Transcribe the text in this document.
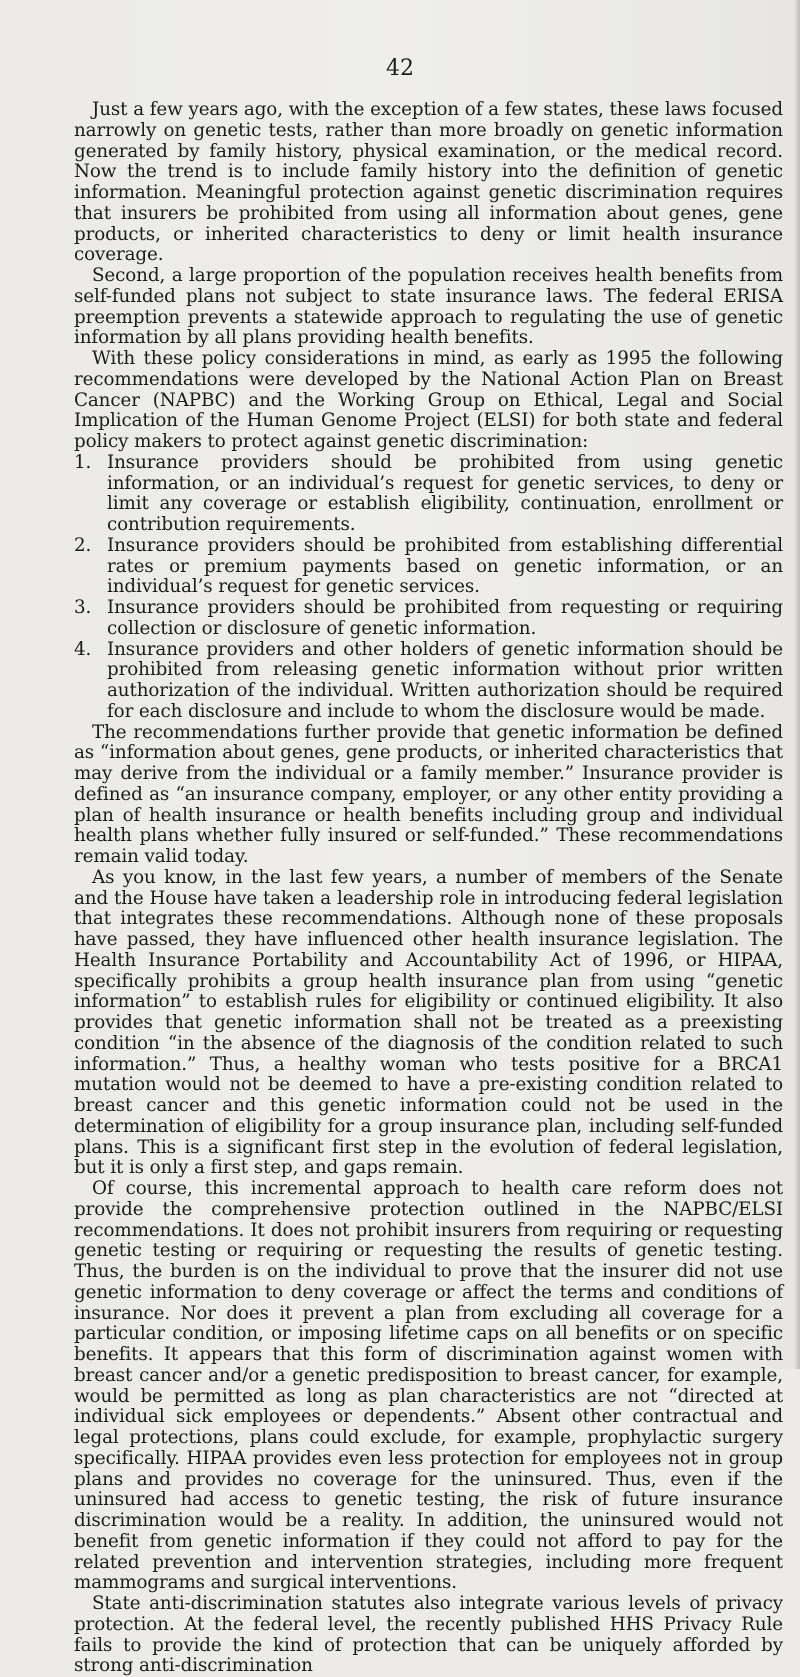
42

Just a few years ago, with the exception of a few states, these laws focused narrowly on genetic tests, rather than more broadly on genetic information generated by family history, physical examination, or the medical record. Now the trend is to include family history into the definition of genetic information. Meaningful protection against genetic discrimination requires that insurers be prohibited from using all information about genes, gene products, or inherited characteristics to deny or limit health insurance coverage.

Second, a large proportion of the population receives health benefits from self-funded plans not subject to state insurance laws. The federal ERISA preemption prevents a statewide approach to regulating the use of genetic information by all plans providing health benefits.

With these policy considerations in mind, as early as 1995 the following recommendations were developed by the National Action Plan on Breast Cancer (NAPBC) and the Working Group on Ethical, Legal and Social Implication of the Human Genome Project (ELSI) for both state and federal policy makers to protect against genetic discrimination:

1. Insurance providers should be prohibited from using genetic information, or an individual’s request for genetic services, to deny or limit any coverage or establish eligibility, continuation, enrollment or contribution requirements.
2. Insurance providers should be prohibited from establishing differential rates or premium payments based on genetic information, or an individual’s request for genetic services.
3. Insurance providers should be prohibited from requesting or requiring collection or disclosure of genetic information.
4. Insurance providers and other holders of genetic information should be prohibited from releasing genetic information without prior written authorization of the individual. Written authorization should be required for each disclosure and include to whom the disclosure would be made.

The recommendations further provide that genetic information be defined as “information about genes, gene products, or inherited characteristics that may derive from the individual or a family member.” Insurance provider is defined as “an insurance company, employer, or any other entity providing a plan of health insurance or health benefits including group and individual health plans whether fully insured or self-funded.” These recommendations remain valid today.

As you know, in the last few years, a number of members of the Senate and the House have taken a leadership role in introducing federal legislation that integrates these recommendations. Although none of these proposals have passed, they have influenced other health insurance legislation. The Health Insurance Portability and Accountability Act of 1996, or HIPAA, specifically prohibits a group health insurance plan from using “genetic information” to establish rules for eligibility or continued eligibility. It also provides that genetic information shall not be treated as a preexisting condition “in the absence of the diagnosis of the condition related to such information.” Thus, a healthy woman who tests positive for a BRCA1 mutation would not be deemed to have a pre-existing condition related to breast cancer and this genetic information could not be used in the determination of eligibility for a group insurance plan, including self-funded plans. This is a significant first step in the evolution of federal legislation, but it is only a first step, and gaps remain.

Of course, this incremental approach to health care reform does not provide the comprehensive protection outlined in the NAPBC/ELSI recommendations. It does not prohibit insurers from requiring or requesting genetic testing or requiring or requesting the results of genetic testing. Thus, the burden is on the individual to prove that the insurer did not use genetic information to deny coverage or affect the terms and conditions of insurance. Nor does it prevent a plan from excluding all coverage for a particular condition, or imposing lifetime caps on all benefits or on specific benefits. It appears that this form of discrimination against women with breast cancer and/or a genetic predisposition to breast cancer, for example, would be permitted as long as plan characteristics are not “directed at individual sick employees or dependents.” Absent other contractual and legal protections, plans could exclude, for example, prophylactic surgery specifically. HIPAA provides even less protection for employees not in group plans and provides no coverage for the uninsured. Thus, even if the uninsured had access to genetic testing, the risk of future insurance discrimination would be a reality. In addition, the uninsured would not benefit from genetic information if they could not afford to pay for the related prevention and intervention strategies, including more frequent mammograms and surgical interventions.

State anti-discrimination statutes also integrate various levels of privacy protection. At the federal level, the recently published HHS Privacy Rule fails to provide the kind of protection that can be uniquely afforded by strong anti-discrimination
